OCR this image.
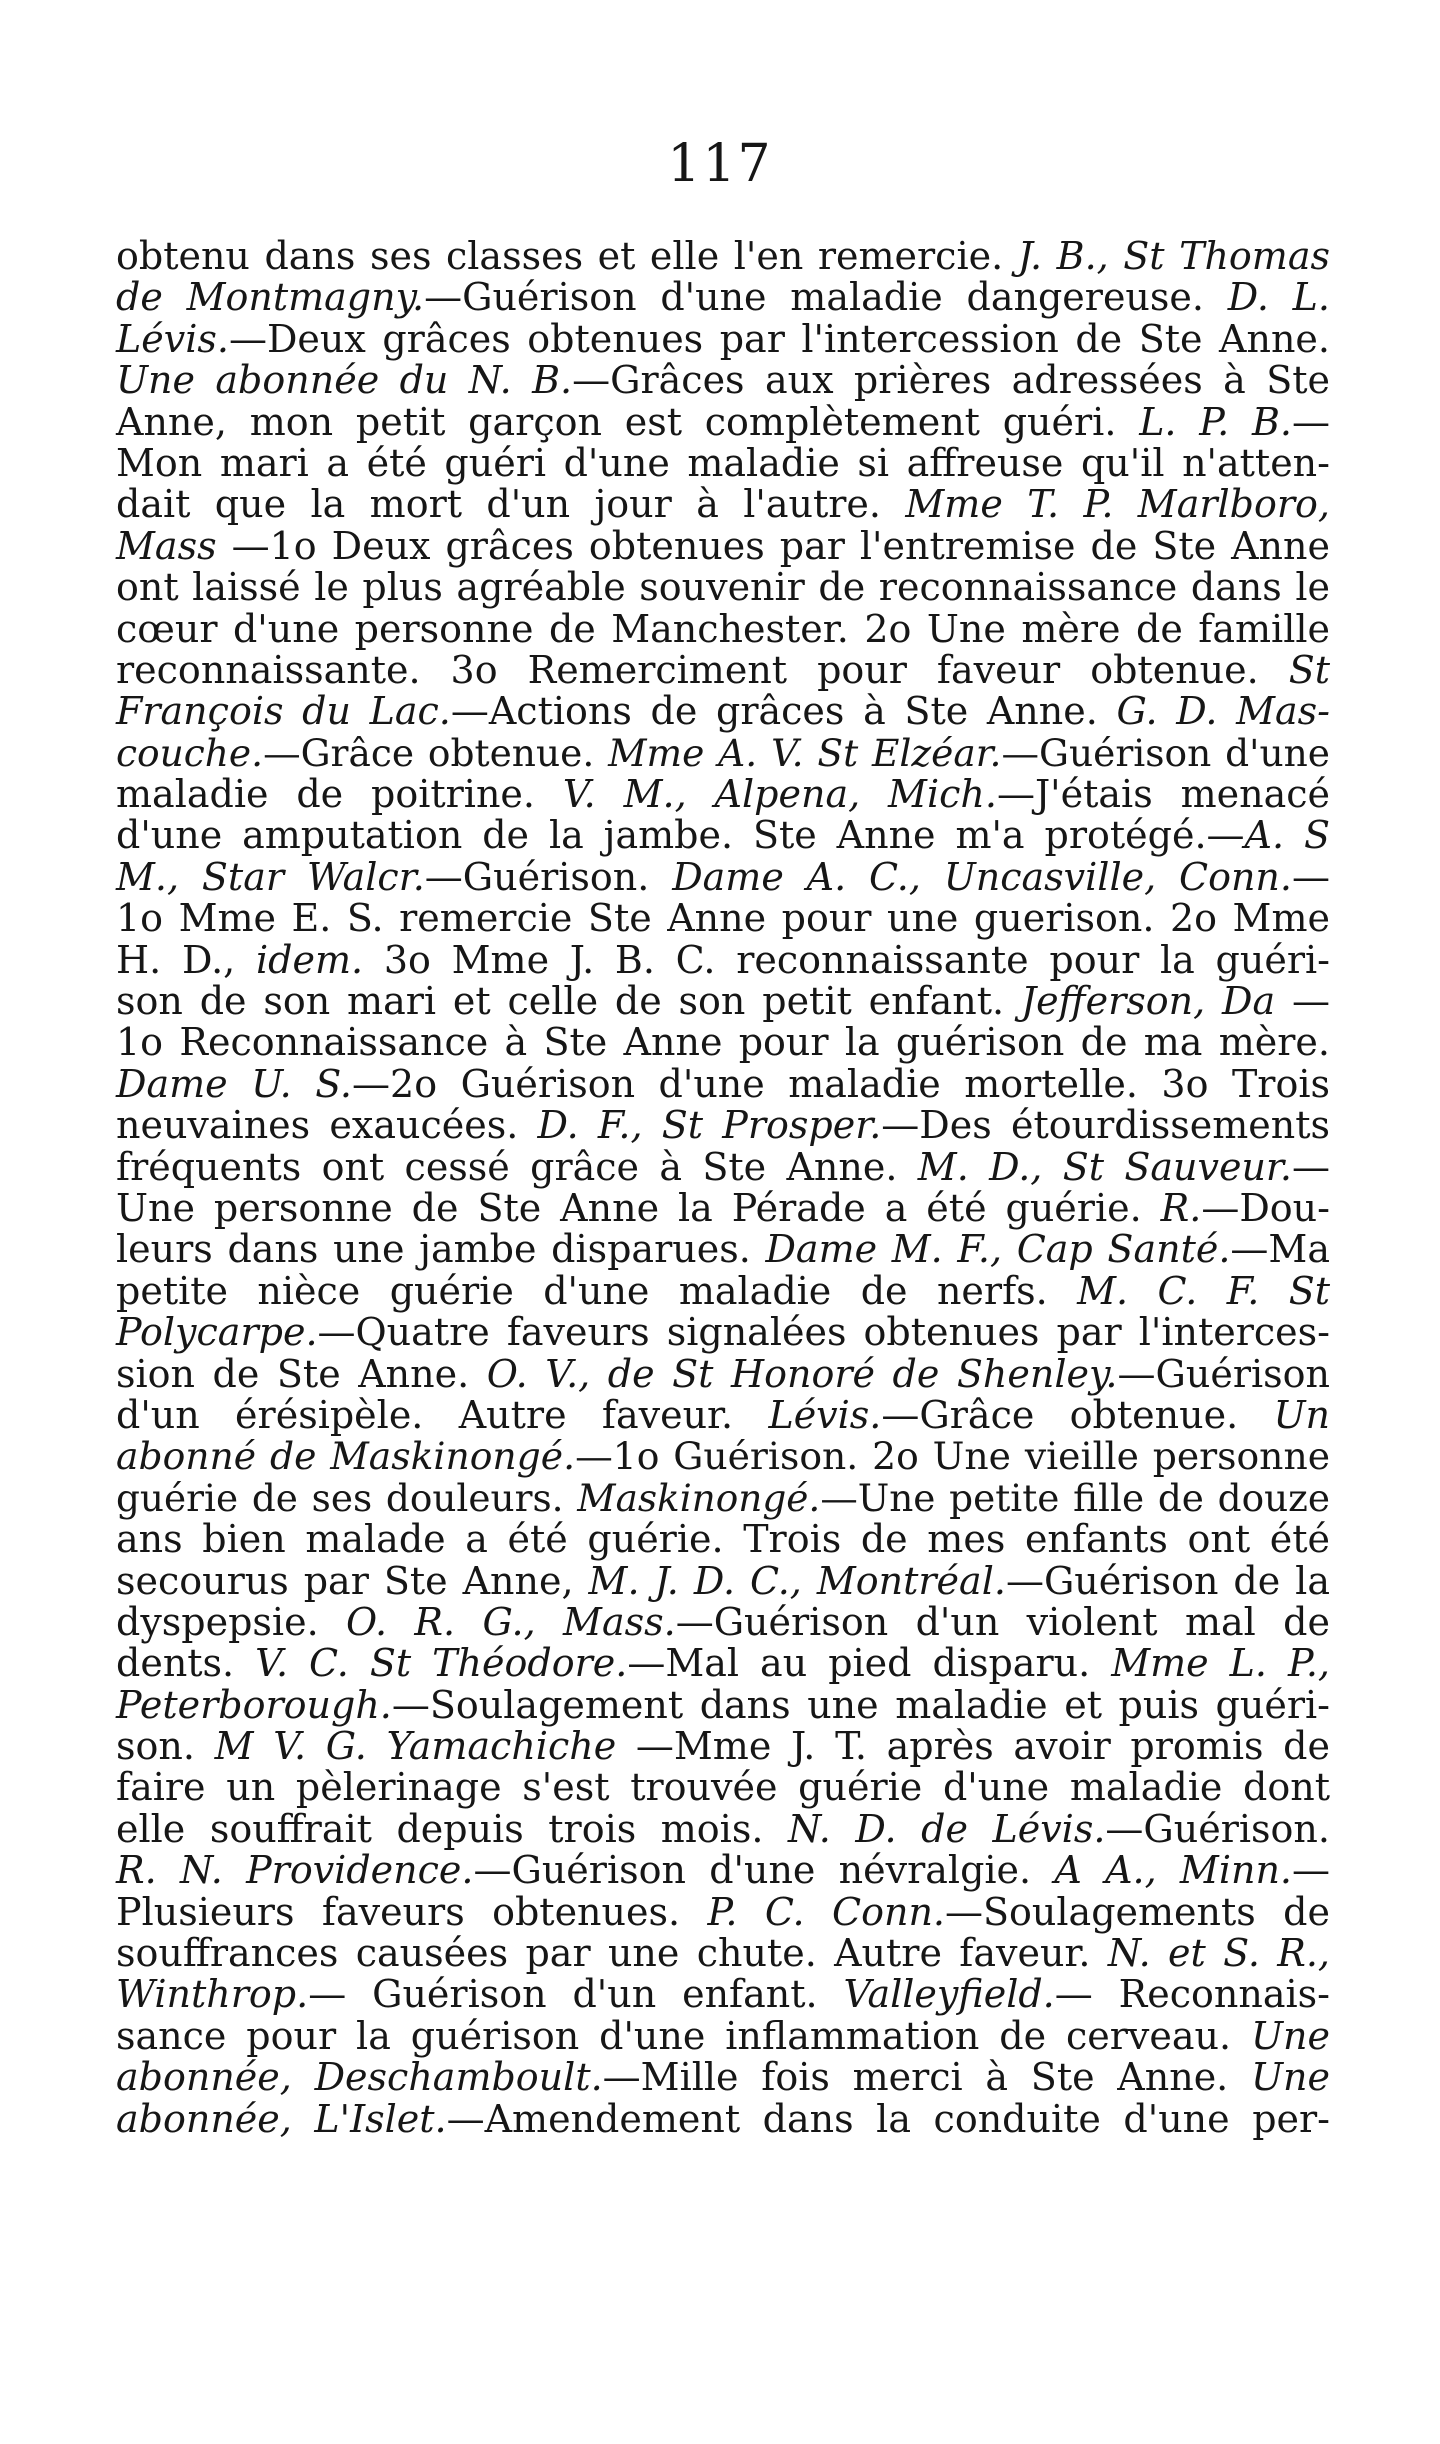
117
obtenu dans ses classes et elle l'en remercie. J. B., St Thomas
de Montmagny.—Guérison d'une maladie dangereuse. D. L.
Lévis.—Deux grâces obtenues par l'intercession de Ste Anne.
Une abonnée du N. B.—Grâces aux prières adressées à Ste
Anne, mon petit garçon est complètement guéri. L. P. B.—
Mon mari a été guéri d'une maladie si affreuse qu'il n'atten-
dait que la mort d'un jour à l'autre. Mme T. P. Marlboro,
Mass —1o Deux grâces obtenues par l'entremise de Ste Anne
ont laissé le plus agréable souvenir de reconnaissance dans le
cœur d'une personne de Manchester. 2o Une mère de famille
reconnaissante. 3o Remerciment pour faveur obtenue. St
François du Lac.—Actions de grâces à Ste Anne. G. D. Mas-
couche.—Grâce obtenue. Mme A. V. St Elzéar.—Guérison d'une
maladie de poitrine. V. M., Alpena, Mich.—J'étais menacé
d'une amputation de la jambe. Ste Anne m'a protégé.—A. S
M., Star Walcr.—Guérison. Dame A. C., Uncasville, Conn.—
1o Mme E. S. remercie Ste Anne pour une guerison. 2o Mme
H. D., idem. 3o Mme J. B. C. reconnaissante pour la guéri-
son de son mari et celle de son petit enfant. Jefferson, Da —
1o Reconnaissance à Ste Anne pour la guérison de ma mère.
Dame U. S.—2o Guérison d'une maladie mortelle. 3o Trois
neuvaines exaucées. D. F., St Prosper.—Des étourdissements
fréquents ont cessé grâce à Ste Anne. M. D., St Sauveur.—
Une personne de Ste Anne la Pérade a été guérie. R.—Dou-
leurs dans une jambe disparues. Dame M. F., Cap Santé.—Ma
petite nièce guérie d'une maladie de nerfs. M. C. F. St
Polycarpe.—Quatre faveurs signalées obtenues par l'interces-
sion de Ste Anne. O. V., de St Honoré de Shenley.—Guérison
d'un érésipèle. Autre faveur. Lévis.—Grâce obtenue. Un
abonné de Maskinongé.—1o Guérison. 2o Une vieille personne
guérie de ses douleurs. Maskinongé.—Une petite fille de douze
ans bien malade a été guérie. Trois de mes enfants ont été
secourus par Ste Anne, M. J. D. C., Montréal.—Guérison de la
dyspepsie. O. R. G., Mass.—Guérison d'un violent mal de
dents. V. C. St Théodore.—Mal au pied disparu. Mme L. P.,
Peterborough.—Soulagement dans une maladie et puis guéri-
son. M V. G. Yamachiche —Mme J. T. après avoir promis de
faire un pèlerinage s'est trouvée guérie d'une maladie dont
elle souffrait depuis trois mois. N. D. de Lévis.—Guérison.
R. N. Providence.—Guérison d'une névralgie. A A., Minn.—
Plusieurs faveurs obtenues. P. C. Conn.—Soulagements de
souffrances causées par une chute. Autre faveur. N. et S. R.,
Winthrop.— Guérison d'un enfant. Valleyfield.— Reconnais-
sance pour la guérison d'une inflammation de cerveau. Une
abonnée, Deschamboult.—Mille fois merci à Ste Anne. Une
abonnée, L'Islet.—Amendement dans la conduite d'une per-
